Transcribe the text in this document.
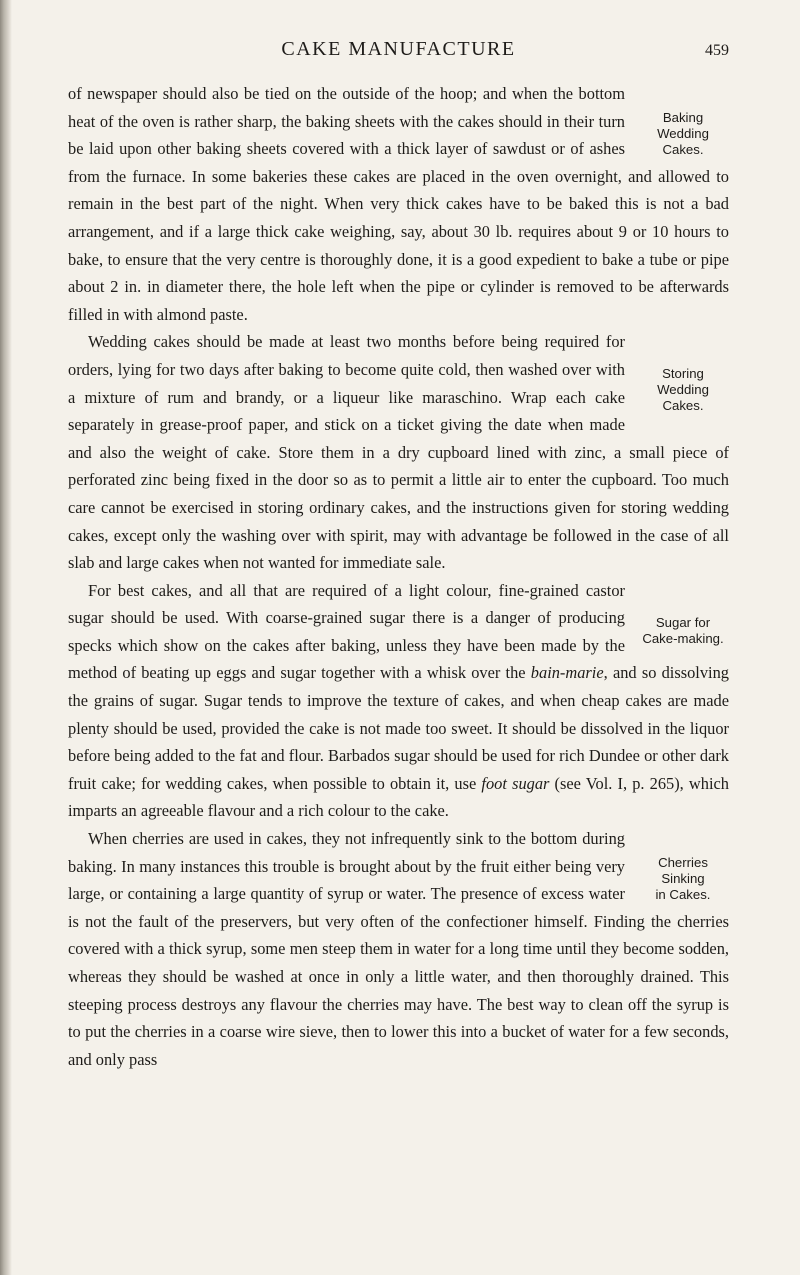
CAKE MANUFACTURE	459

Baking
Wedding
Cakes.
of newspaper should also be tied on the outside of the hoop; and when the bottom heat of the oven is rather sharp, the baking sheets with the cakes should in their turn be laid upon other baking sheets covered with a thick layer of sawdust or of ashes from the furnace. In some bakeries these cakes are placed in the oven overnight, and allowed to remain in the best part of the night. When very thick cakes have to be baked this is not a bad arrangement, and if a large thick cake weighing, say, about 30 lb. requires about 9 or 10 hours to bake, to ensure that the very centre is thoroughly done, it is a good expedient to bake a tube or pipe about 2 in. in diameter there, the hole left when the pipe or cylinder is removed to be afterwards filled in with almond paste.

Storing
Wedding
Cakes.
Wedding cakes should be made at least two months before being required for orders, lying for two days after baking to become quite cold, then washed over with a mixture of rum and brandy, or a liqueur like maraschino. Wrap each cake separately in grease-proof paper, and stick on a ticket giving the date when made and also the weight of cake. Store them in a dry cupboard lined with zinc, a small piece of perforated zinc being fixed in the door so as to permit a little air to enter the cupboard. Too much care cannot be exercised in storing ordinary cakes, and the instructions given for storing wedding cakes, except only the washing over with spirit, may with advantage be followed in the case of all slab and large cakes when not wanted for immediate sale.

Sugar for
Cake-making.
For best cakes, and all that are required of a light colour, fine-grained castor sugar should be used. With coarse-grained sugar there is a danger of producing specks which show on the cakes after baking, unless they have been made by the method of beating up eggs and sugar together with a whisk over the bain-marie, and so dissolving the grains of sugar. Sugar tends to improve the texture of cakes, and when cheap cakes are made plenty should be used, provided the cake is not made too sweet. It should be dissolved in the liquor before being added to the fat and flour. Barbados sugar should be used for rich Dundee or other dark fruit cake; for wedding cakes, when possible to obtain it, use foot sugar (see Vol. I, p. 265), which imparts an agreeable flavour and a rich colour to the cake.

Cherries
Sinking
in Cakes.
When cherries are used in cakes, they not infrequently sink to the bottom during baking. In many instances this trouble is brought about by the fruit either being very large, or containing a large quantity of syrup or water. The presence of excess water is not the fault of the preservers, but very often of the confectioner himself. Finding the cherries covered with a thick syrup, some men steep them in water for a long time until they become sodden, whereas they should be washed at once in only a little water, and then thoroughly drained. This steeping process destroys any flavour the cherries may have. The best way to clean off the syrup is to put the cherries in a coarse wire sieve, then to lower this into a bucket of water for a few seconds, and only pass
